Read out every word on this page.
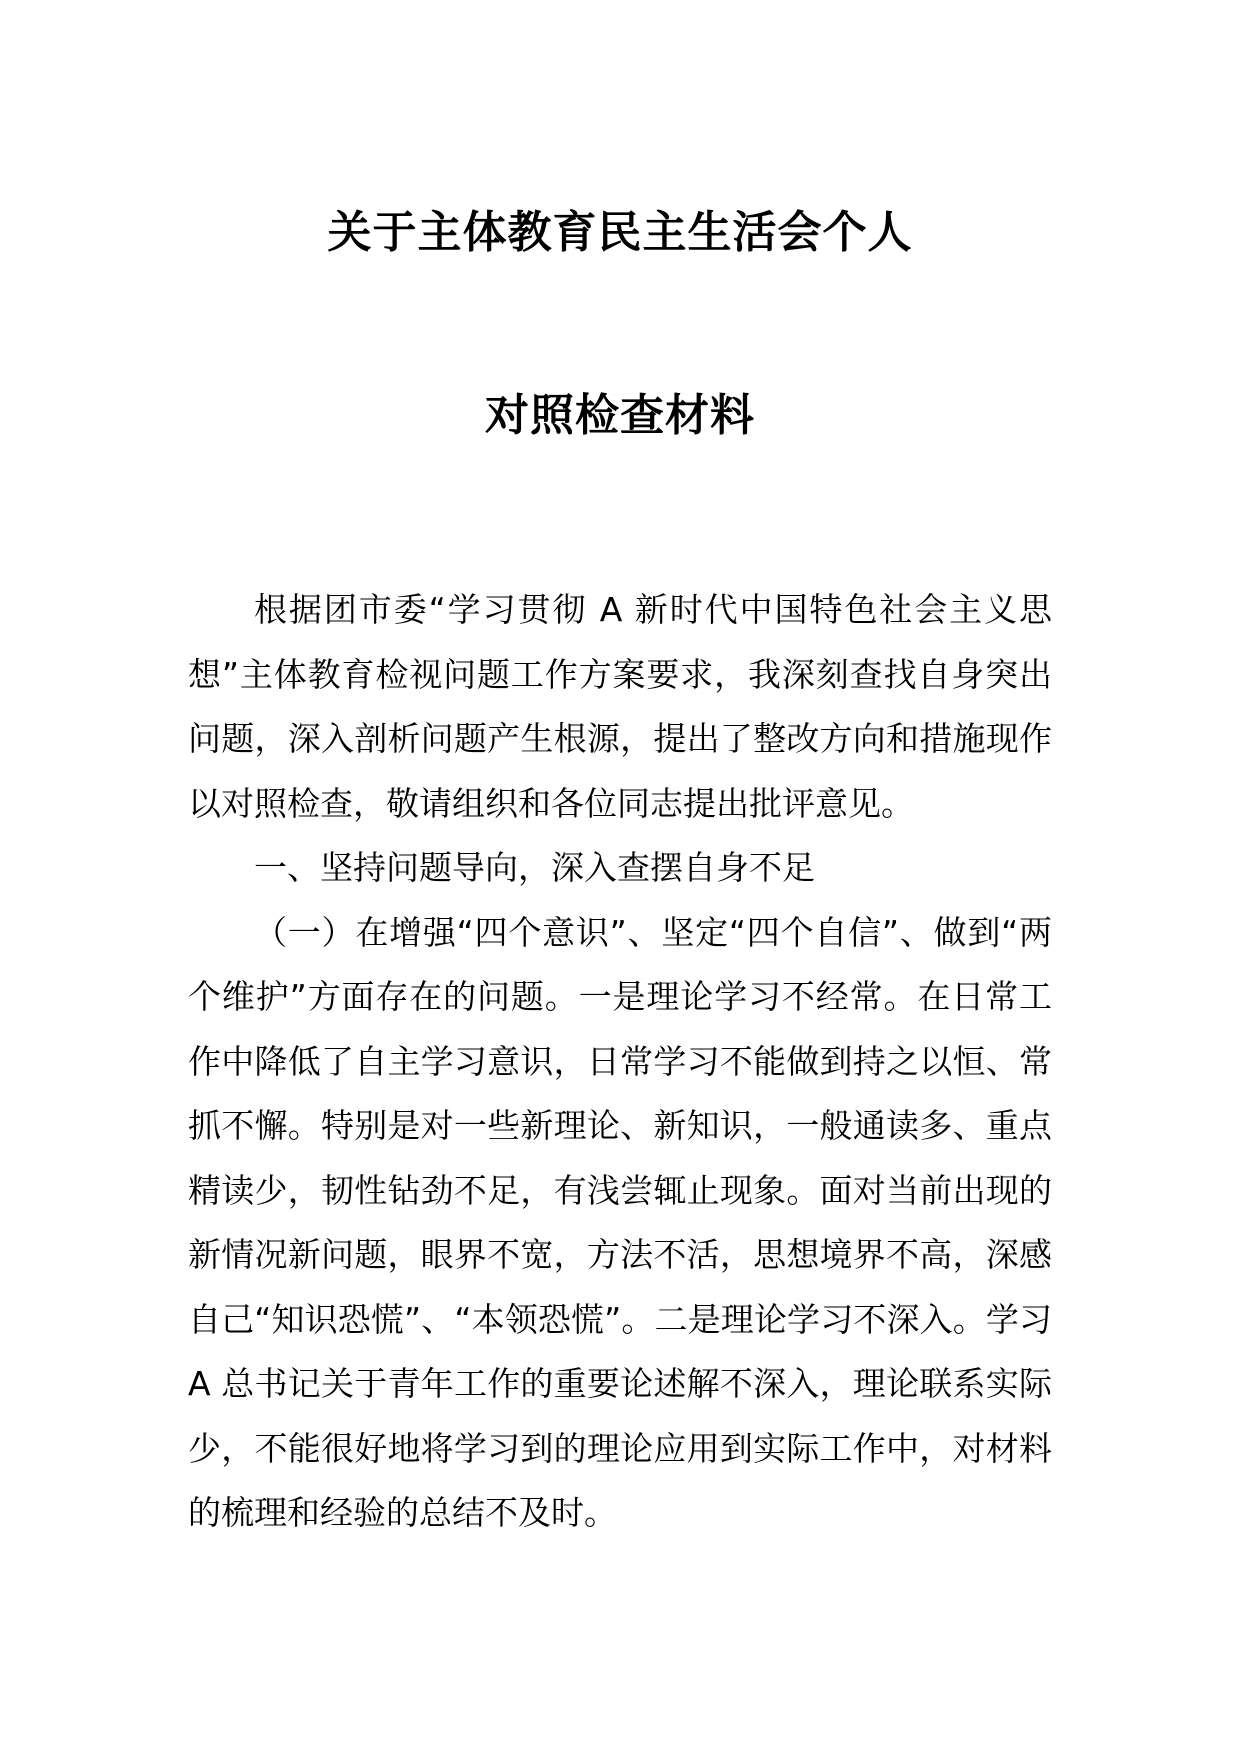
关于主体教育民主生活会个人
对照检查材料

根据团市委“学习贯彻 A 新时代中国特色社会主义思想”主体教育检视问题工作方案要求，我深刻查找自身突出问题，深入剖析问题产生根源，提出了整改方向和措施现作以对照检查，敬请组织和各位同志提出批评意见。

一、坚持问题导向，深入查摆自身不足

（一）在增强“四个意识”、坚定“四个自信”、做到“两个维护”方面存在的问题。一是理论学习不经常。在日常工作中降低了自主学习意识，日常学习不能做到持之以恒、常抓不懈。特别是对一些新理论、新知识，一般通读多、重点精读少，韧性钻劲不足，有浅尝辄止现象。面对当前出现的新情况新问题，眼界不宽，方法不活，思想境界不高，深感自己“知识恐慌”、“本领恐慌”。二是理论学习不深入。学习 A 总书记关于青年工作的重要论述解不深入，理论联系实际少，不能很好地将学习到的理论应用到实际工作中，对材料的梳理和经验的总结不及时。
